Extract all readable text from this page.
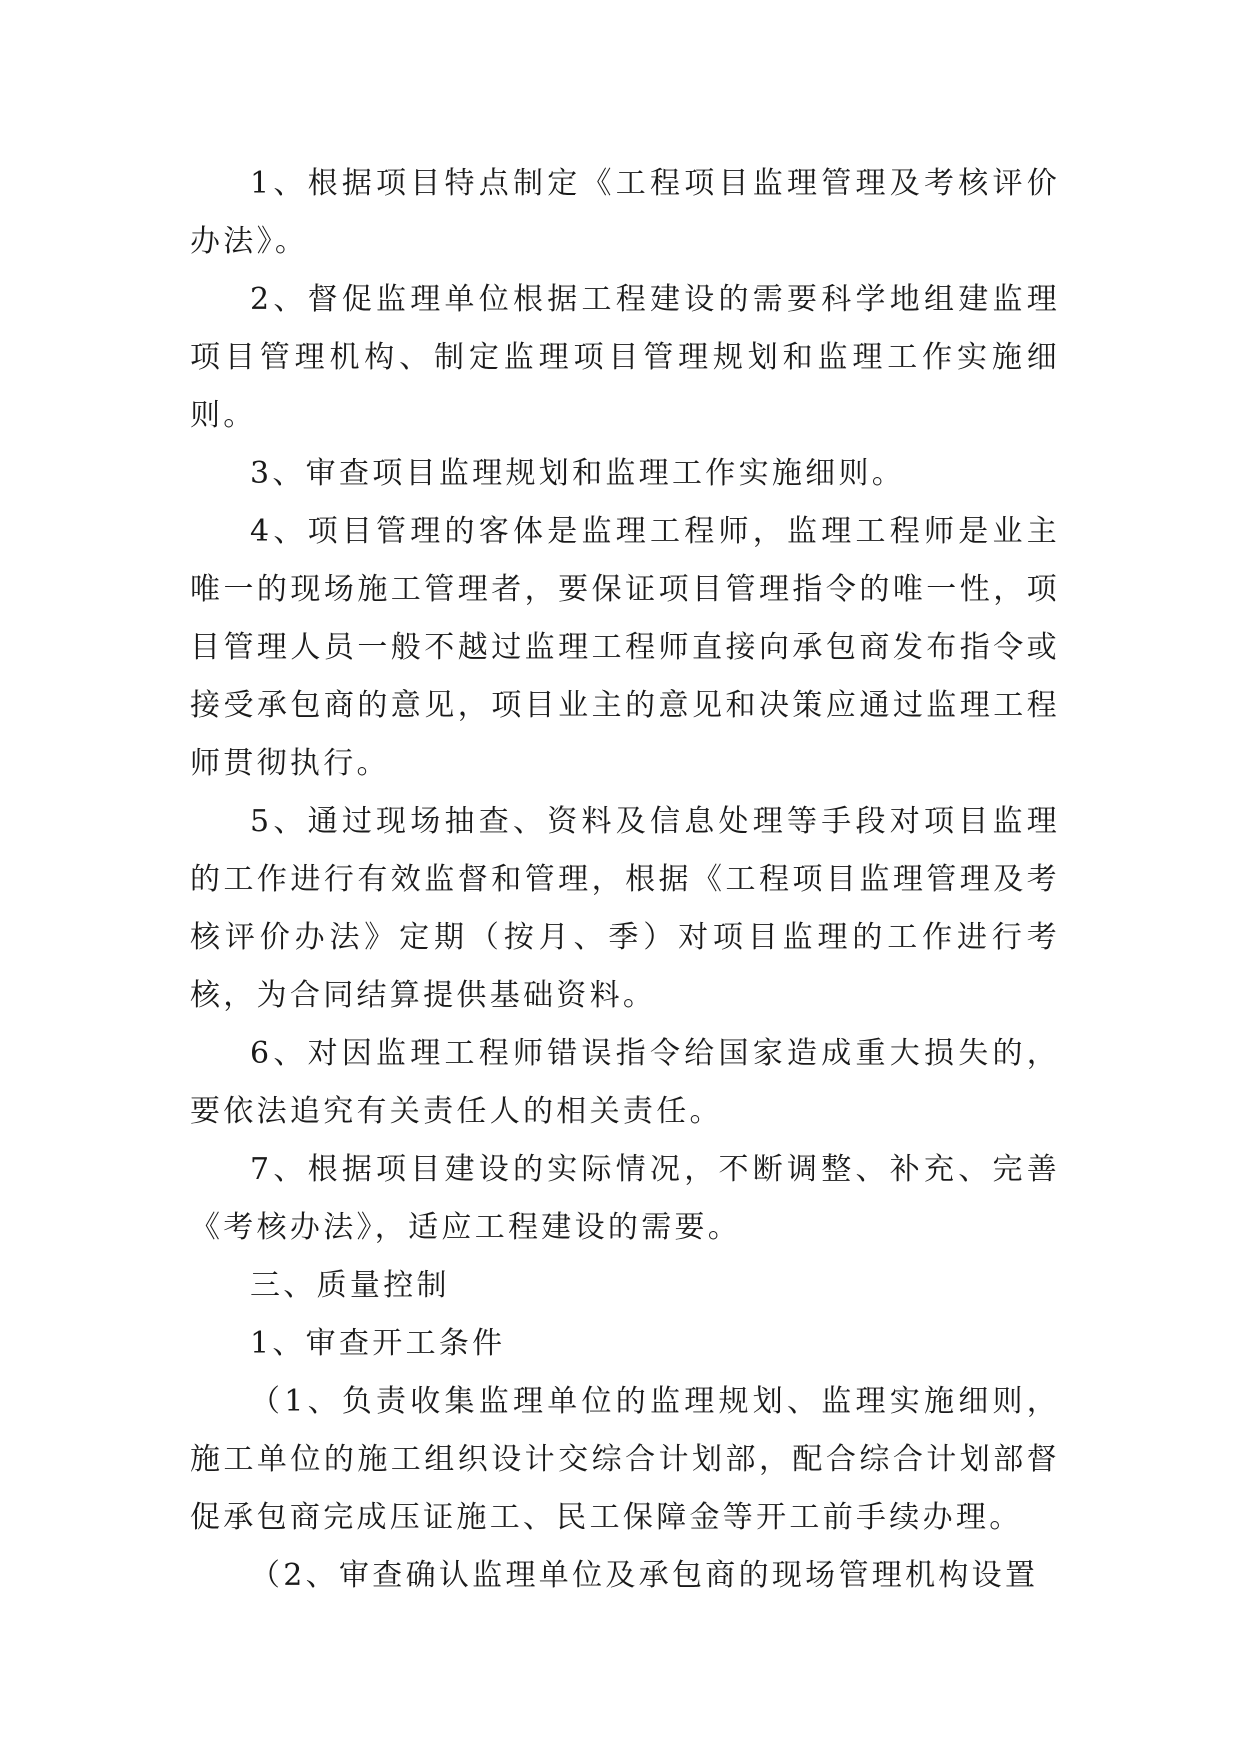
1、根据项目特点制定《工程项目监理管理及考核评价办法》。

2、督促监理单位根据工程建设的需要科学地组建监理项目管理机构、制定监理项目管理规划和监理工作实施细则。

3、审查项目监理规划和监理工作实施细则。

4、项目管理的客体是监理工程师，监理工程师是业主唯一的现场施工管理者，要保证项目管理指令的唯一性，项目管理人员一般不越过监理工程师直接向承包商发布指令或接受承包商的意见，项目业主的意见和决策应通过监理工程师贯彻执行。

5、通过现场抽查、资料及信息处理等手段对项目监理的工作进行有效监督和管理，根据《工程项目监理管理及考核评价办法》定期（按月、季）对项目监理的工作进行考核，为合同结算提供基础资料。

6、对因监理工程师错误指令给国家造成重大损失的，要依法追究有关责任人的相关责任。

7、根据项目建设的实际情况，不断调整、补充、完善《考核办法》，适应工程建设的需要。

三、质量控制

1、审查开工条件

（1、负责收集监理单位的监理规划、监理实施细则，施工单位的施工组织设计交综合计划部，配合综合计划部督促承包商完成压证施工、民工保障金等开工前手续办理。

（2、审查确认监理单位及承包商的现场管理机构设置
